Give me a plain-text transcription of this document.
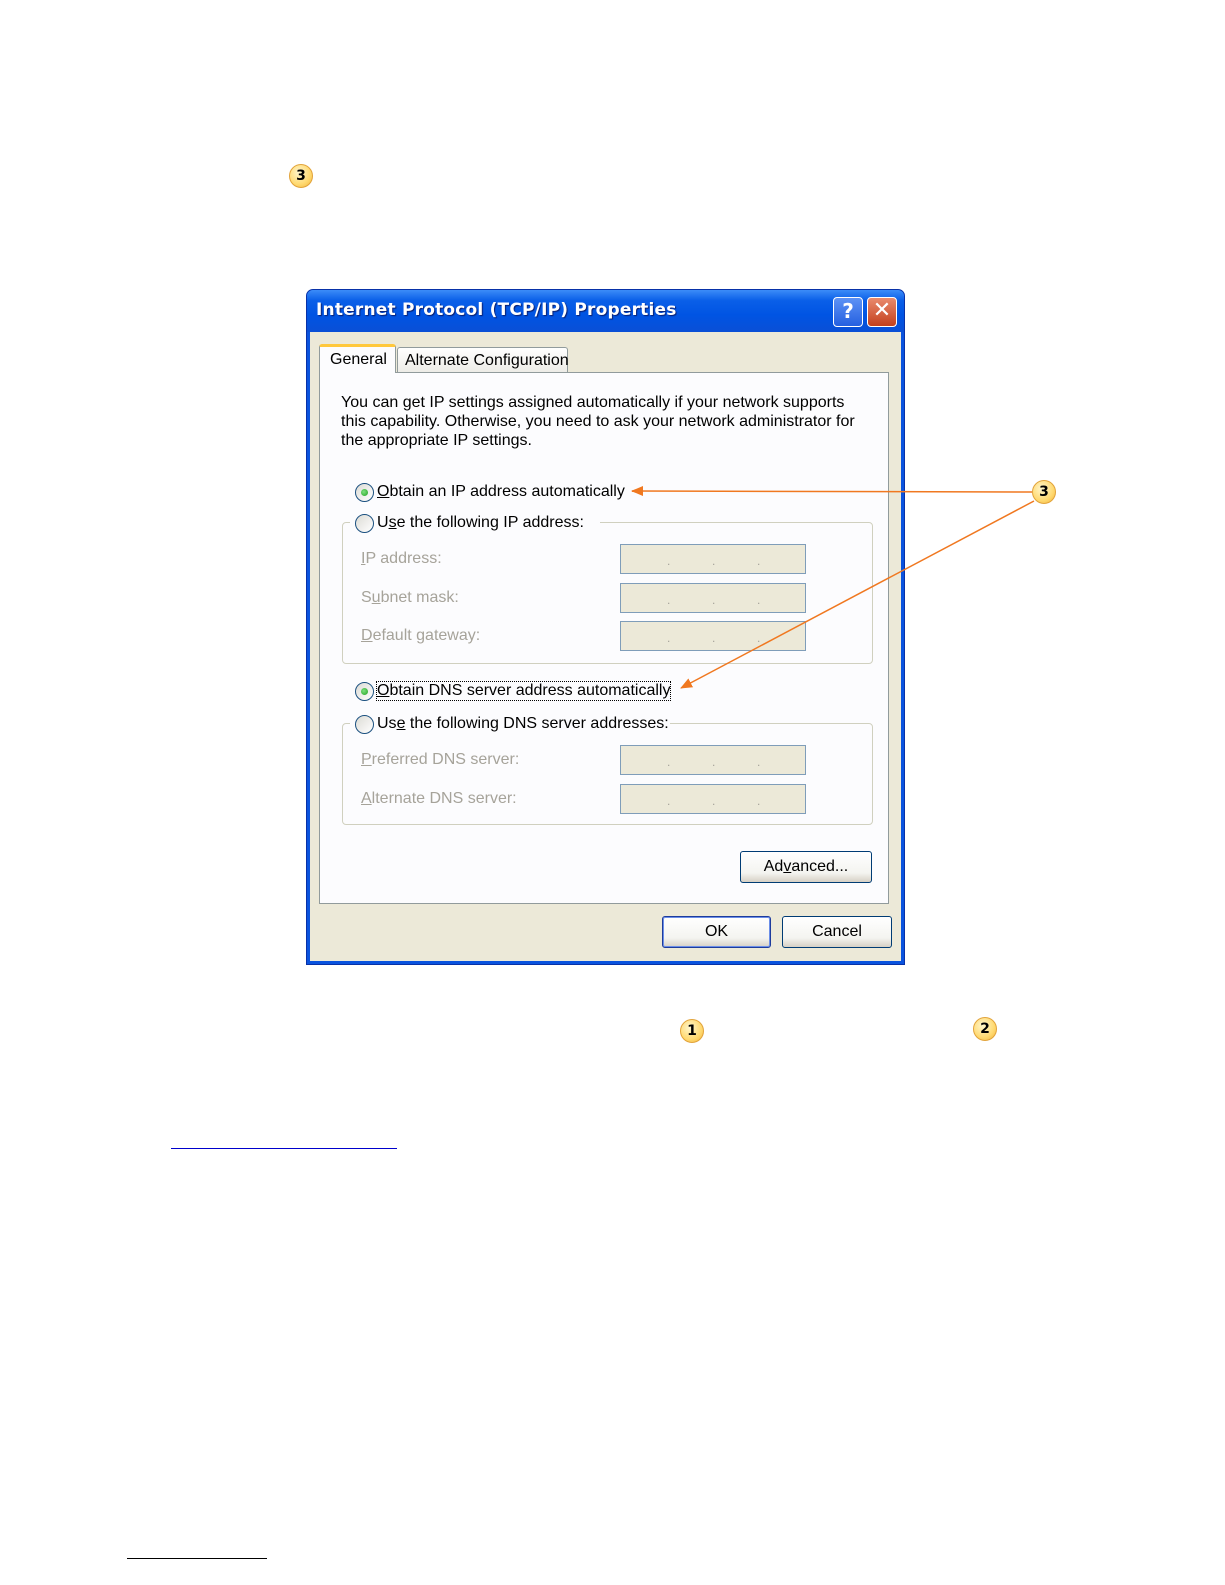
3
3
1	2
Internet Protocol (TCP/IP) Properties	? ✕
General	Alternate Configuration
You can get IP settings assigned automatically if your network supports this capability. Otherwise, you need to ask your network administrator for the appropriate IP settings.
Obtain an IP address automatically
Use the following IP address:
IP address:	.	.	.
Subnet mask:	.	.	.
Default gateway:	.	.	.
Obtain DNS server address automatically
Use the following DNS server addresses:
Preferred DNS server:	.	.	.
Alternate DNS server:	.	.	.
Advanced...
OK	Cancel
